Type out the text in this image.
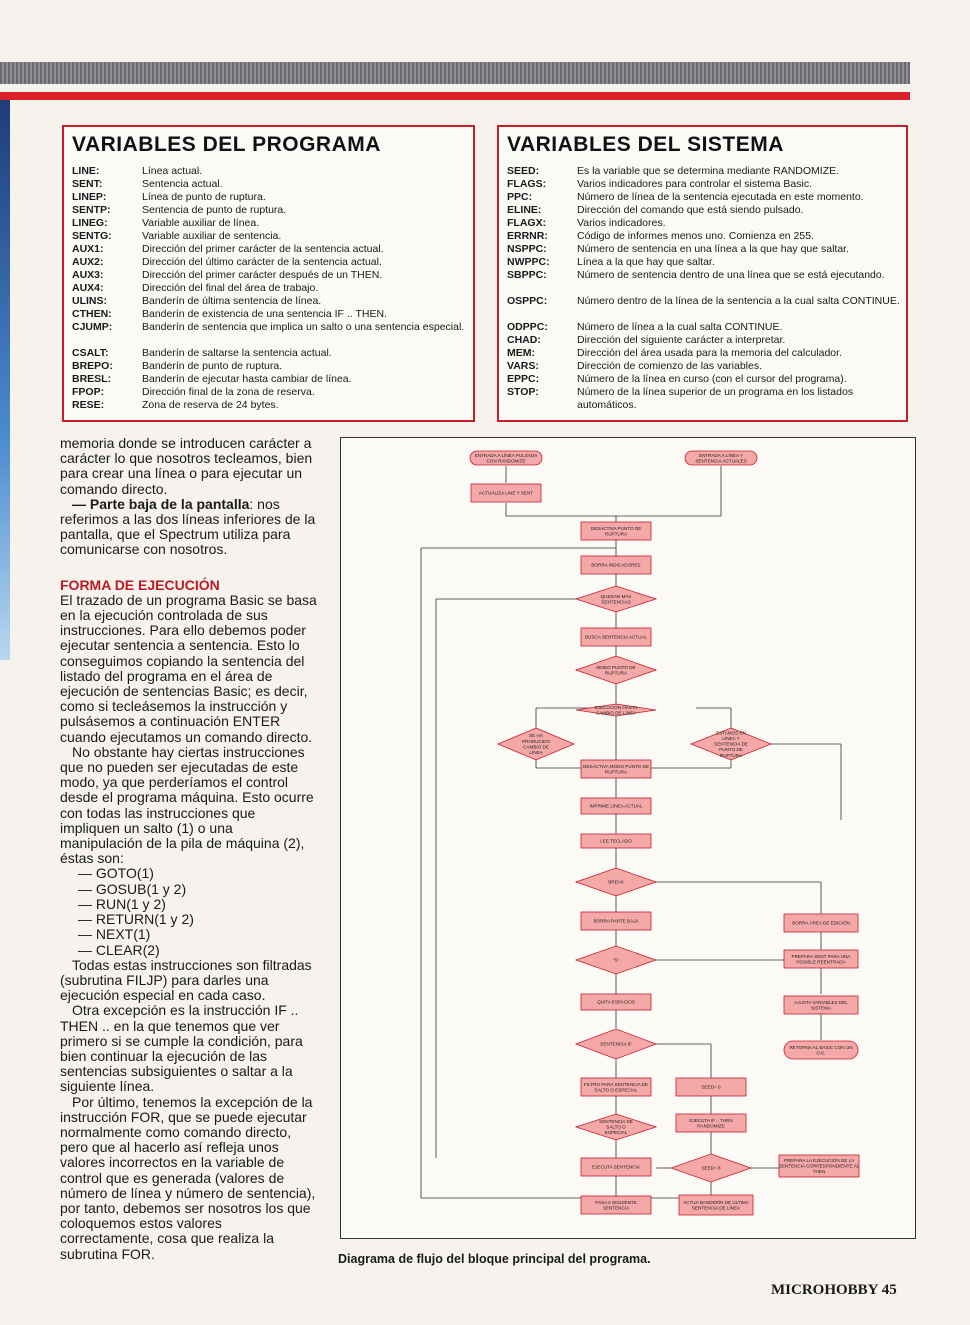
VARIABLES DEL PROGRAMA
LINE:	Línea actual.
SENT:	Sentencia actual.
LINEP:	Línea de punto de ruptura.
SENTP:	Sentencia de punto de ruptura.
LINEG:	Variable auxiliar de línea.
SENTG:	Variable auxiliar de sentencia.
AUX1:	Dirección del primer carácter de la sentencia actual.
AUX2:	Dirección del último carácter de la sentencia actual.
AUX3:	Dirección del primer carácter después de un THEN.
AUX4:	Dirección del final del área de trabajo.
ULINS:	Banderín de última sentencia de línea.
CTHEN:	Banderín de existencia de una sentencia IF .. THEN.
CJUMP:	Banderín de sentencia que implica un salto o una sentencia especial.
CSALT:	Banderín de saltarse la sentencia actual.
BREPO:	Banderín de punto de ruptura.
BRESL:	Banderín de ejecutar hasta cambiar de línea.
FPOP:	Dirección final de la zona de reserva.
RESE:	Zona de reserva de 24 bytes.
VARIABLES DEL SISTEMA
SEED:	Es la variable que se determina mediante RANDOMIZE.
FLAGS:	Varios indicadores para controlar el sistema Basic.
PPC:	Número de línea de la sentencia ejecutada en este momento.
ELINE:	Dirección del comando que está siendo pulsado.
FLAGX:	Varios indicadores.
ERRNR:	Código de informes menos uno. Comienza en 255.
NSPPC:	Número de sentencia en una línea a la que hay que saltar.
NWPPC:	Línea a la que hay que saltar.
SBPPC:	Número de sentencia dentro de una línea que se está ejecutando.
OSPPC:	Número dentro de la línea de la sentencia a la cual salta CONTINUE.
ODPPC:	Número de línea a la cual salta CONTINUE.
CHAD:	Dirección del siguiente carácter a interpretar.
MEM:	Dirección del área usada para la memoria del calculador.
VARS:	Dirección de comienzo de las variables.
EPPC:	Número de la línea en curso (con el cursor del programa).
STOP:	Número de la línea superior de un programa en los listados automáticos.

memoria donde se introducen carácter a carácter lo que nosotros tecleamos, bien para crear una línea o para ejecutar un comando directo.

— Parte baja de la pantalla: nos referimos a las dos líneas inferiores de la pantalla, que el Spectrum utiliza para comunicarse con nosotros.

FORMA DE EJECUCIÓN

El trazado de un programa Basic se basa en la ejecución controlada de sus instrucciones. Para ello debemos poder ejecutar sentencia a sentencia. Esto lo conseguimos copiando la sentencia del listado del programa en el área de ejecución de sentencias Basic; es decir, como si tecleásemos la instrucción y pulsásemos a continuación ENTER cuando ejecutamos un comando directo.

No obstante hay ciertas instrucciones que no pueden ser ejecutadas de este modo, ya que perderíamos el control desde el programa máquina. Esto ocurre con todas las instrucciones que impliquen un salto (1) o una manipulación de la pila de máquina (2), éstas son:

— GOTO(1)

— GOSUB(1 y 2)

— RUN(1 y 2)

— RETURN(1 y 2)

— NEXT(1)

— CLEAR(2)

Todas estas instrucciones son filtradas (subrutina FILJP) para darles una ejecución especial en cada caso.

Otra excepción es la instrucción IF .. THEN .. en la que tenemos que ver primero si se cumple la condición, para bien continuar la ejecución de las sentencias subsiguientes o saltar a la siguiente línea.

Por último, tenemos la excepción de la instrucción FOR, que se puede ejecutar normalmente como comando directo, pero que al hacerlo así refleja unos valores incorrectos en la variable de control que es generada (valores de número de línea y número de sentencia), por tanto, debemos ser nosotros los que coloquemos estos valores correctamente, cosa que realiza la subrutina FOR.

ENTRADA A LÍNEA PULSADA CON RANDOMIZE
ENTRADA A LÍNEA Y SENTENCIA ACTUALES
ACTUALIZA LINE Y SENT
DESACTIVA PUNTO DE RUPTURA
BORRA INDICADORES
QUEDAN MÁS SENTENCIAS
BUSCA SENTENCIA ACTUAL
MODO PUNTO DE RUPTURA
EJECUCIÓN HASTA CAMBIO DE LÍNEA
SE HA PRODUCIDO CAMBIO DE LÍNEA
ESTAMOS EN LÍNEA Y SENTENCIA DE PUNTO DE RUPTURA
DESACTIVA MODO PUNTO DE RUPTURA
IMPRIME LÍNEA ACTUAL
LEE TECLADO
BREAK
BORRA PARTE BAJA
"S"
QUITA ESPACIOS
SENTENCIA IF
FILTRO PARA SENTENCIA DE SALTO O ESPECIAL
SEED= 0
SENTENCIA DE SALTO O ESPECIAL
EJECUTA IF .. THEN RANDOMIZE
EJECUTA SENTENCIA	SEED= 8
PASA A SIGUIENTE SENTENCIA
ACTUA BANDERÍN DE ÚLTIMA SENTENCIA DE LÍNEA
BORRA ÁREA DE EDICIÓN
PREPARA SENT PARA UNA POSIBLE REENTRADA
AJUSTA VARIABLES DEL SISTEMA
RETORNA AL BASIC CON UN O.K.
PREPARA LA EJECUCIÓN DE LA SENTENCIA CORRESPONDIENTE AL THEN
Diagrama de flujo del bloque principal del programa.
MICROHOBBY 45
